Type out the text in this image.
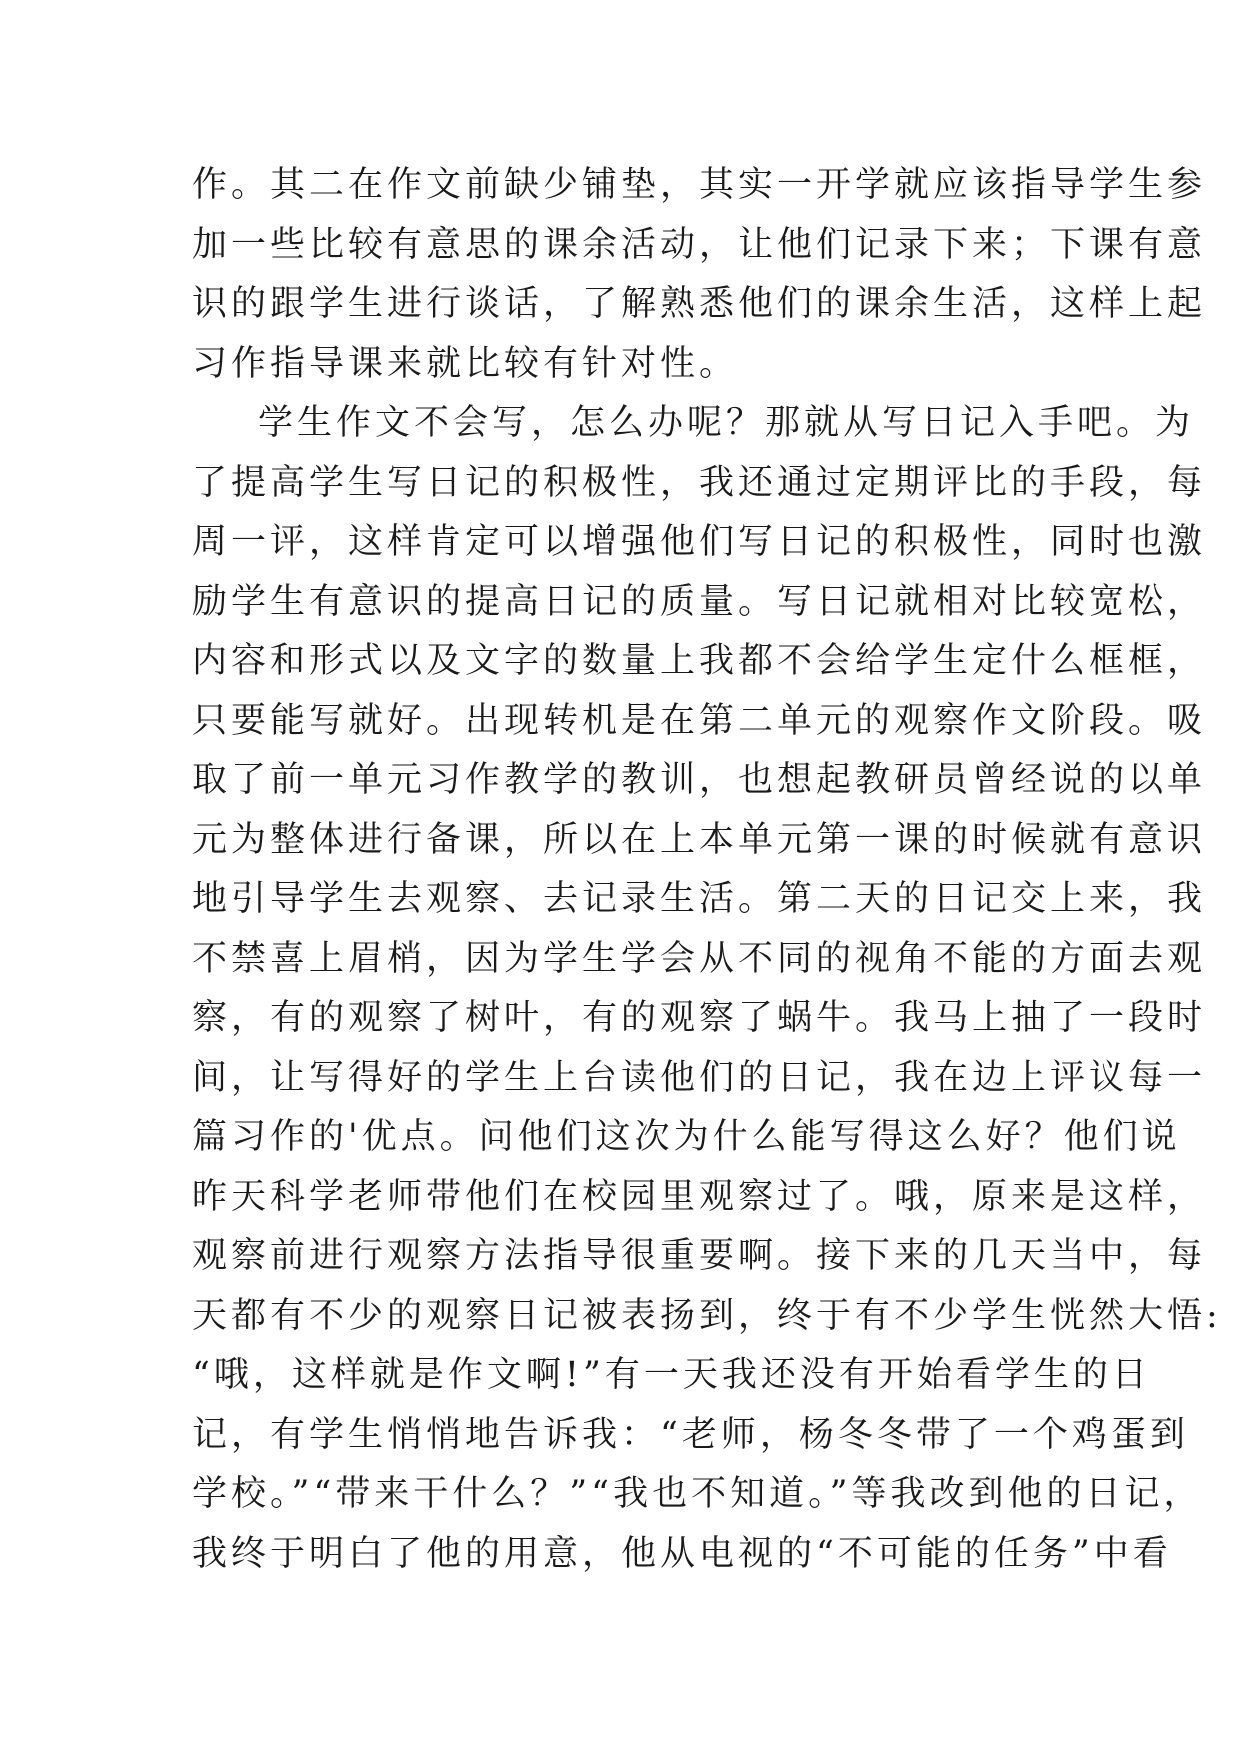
作。其二在作文前缺少铺垫，其实一开学就应该指导学生参
加一些比较有意思的课余活动，让他们记录下来；下课有意
识的跟学生进行谈话，了解熟悉他们的课余生活，这样上起
习作指导课来就比较有针对性。
学生作文不会写，怎么办呢？那就从写日记入手吧。为
了提高学生写日记的积极性，我还通过定期评比的手段，每
周一评，这样肯定可以增强他们写日记的积极性，同时也激
励学生有意识的提高日记的质量。写日记就相对比较宽松，
内容和形式以及文字的数量上我都不会给学生定什么框框，
只要能写就好。出现转机是在第二单元的观察作文阶段。吸
取了前一单元习作教学的教训，也想起教研员曾经说的以单
元为整体进行备课，所以在上本单元第一课的时候就有意识
地引导学生去观察、去记录生活。第二天的日记交上来，我
不禁喜上眉梢，因为学生学会从不同的视角不能的方面去观
察，有的观察了树叶，有的观察了蜗牛。我马上抽了一段时
间，让写得好的学生上台读他们的日记，我在边上评议每一
篇习作的'优点。问他们这次为什么能写得这么好？他们说
昨天科学老师带他们在校园里观察过了。哦，原来是这样，
观察前进行观察方法指导很重要啊。接下来的几天当中，每
天都有不少的观察日记被表扬到，终于有不少学生恍然大悟:
“哦，这样就是作文啊!”有一天我还没有开始看学生的日
记，有学生悄悄地告诉我：“老师，杨冬冬带了一个鸡蛋到
学校。”“带来干什么？”“我也不知道。”等我改到他的日记，
我终于明白了他的用意，他从电视的“不可能的任务”中看
